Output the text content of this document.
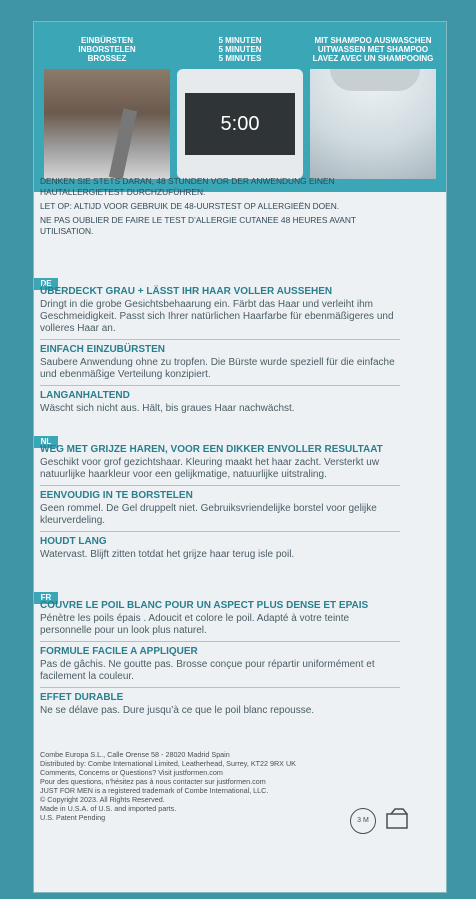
EINBÜRSTEN
INBORSTELEN
BROSSEZ
5 MINUTEN
5 MINUTEN
5 MINUTES
5:00
MIT SHAMPOO AUSWASCHEN
UITWASSEN MET SHAMPOO
LAVEZ AVEC UN SHAMPOOING

DENKEN SIE STETS DARAN, 48 STUNDEN VOR DER ANWENDUNG EINEN HAUTALLERGIETEST DURCHZUFÜHREN.

LET OP: ALTIJD VOOR GEBRUIK DE 48-UURSTEST OP ALLERGIEËN DOEN.

NE PAS OUBLIER DE FAIRE LE TEST D’ALLERGIE CUTANEE 48 HEURES AVANT UTILISATION.

DE
ÜBERDECKT GRAU + LÄSST IHR HAAR VOLLER AUSSEHEN
Dringt in die grobe Gesichtsbehaarung ein. Färbt das Haar und verleiht ihm Geschmeidigkeit. Passt sich Ihrer natürlichen Haarfarbe für ebenmäßigeres und volleres Haar an.
EINFACH EINZUBÜRSTEN
Saubere Anwendung ohne zu tropfen. Die Bürste wurde speziell für die einfache und ebenmäßige Verteilung konzipiert.
LANGANHALTEND
Wäscht sich nicht aus. Hält, bis graues Haar nachwächst.
NL
WEG MET GRIJZE HAREN, VOOR EEN DIKKER ENVOLLER RESULTAAT
Geschikt voor grof gezichtshaar. Kleuring maakt het haar zacht. Versterkt uw natuurlijke haarkleur voor een gelijkmatige, natuurlijke uitstraling.
EENVOUDIG IN TE BORSTELEN
Geen rommel. De Gel druppelt niet. Gebruiksvriendelijke borstel voor gelijke kleurverdeling.
HOUDT LANG
Watervast. Blijft zitten totdat het grijze haar terug isle poil.
FR
COUVRE LE POIL BLANC POUR UN ASPECT PLUS DENSE ET EPAIS
Pénètre les poils épais . Adoucit et colore le poil. Adapté à votre teinte personnelle pour un look plus naturel.
FORMULE FACILE A APPLIQUER
Pas de gâchis. Ne goutte pas. Brosse conçue pour répartir uniformément et facilement la couleur.
EFFET DURABLE
Ne se délave pas. Dure jusqu’à ce que le poil blanc repousse.

Combe Europa S.L., Calle Orense 58 - 28020 Madrid Spain

Distributed by: Combe International Limited, Leatherhead, Surrey, KT22 9RX UK

Comments, Concerns or Questions? Visit justformen.com

Pour des questions, n’hésitez pas à nous contacter sur justformen.com

JUST FOR MEN is a registered trademark of Combe International, LLC.

© Copyright 2023. All Rights Reserved.

Made in U.S.A. of U.S. and imported parts.

U.S. Patent Pending	3 M
